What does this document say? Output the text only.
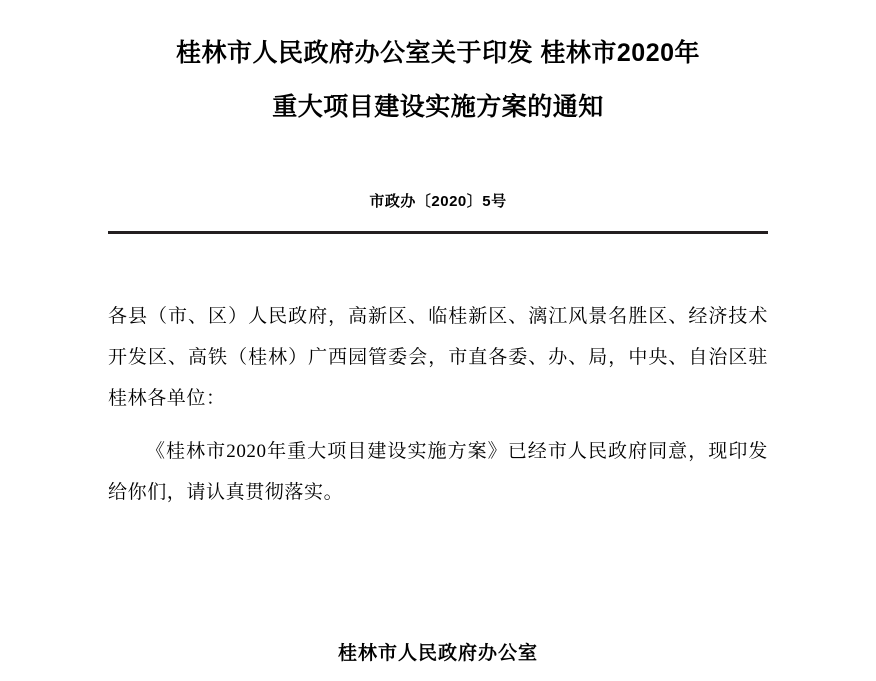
桂林市人民政府办公室关于印发 桂林市2020年
重大项目建设实施方案的通知
市政办〔2020〕5号

各县（市、区）人民政府，高新区、临桂新区、漓江风景名胜区、经济技术开发区、高铁（桂林）广西园管委会，市直各委、办、局，中央、自治区驻桂林各单位：

《桂林市2020年重大项目建设实施方案》已经市人民政府同意，现印发给你们，请认真贯彻落实。

桂林市人民政府办公室
